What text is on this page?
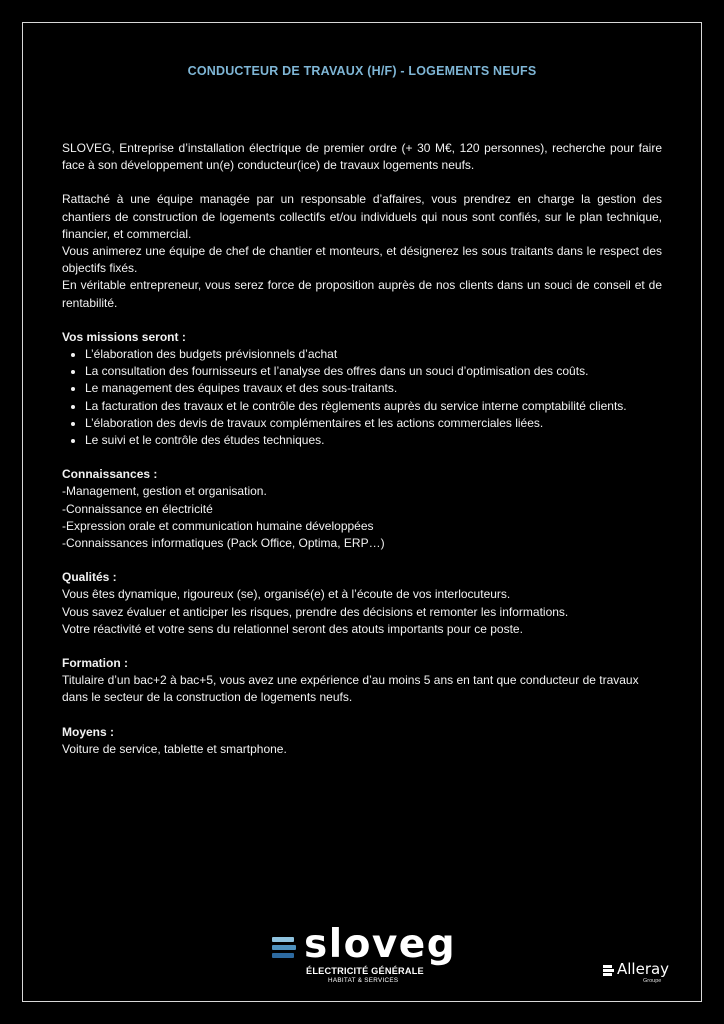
CONDUCTEUR DE TRAVAUX (H/F) - LOGEMENTS NEUFS

SLOVEG, Entreprise d’installation électrique de premier ordre (+ 30 M€, 120 personnes), recherche pour faire face à son développement un(e) conducteur(ice) de travaux logements neufs.

Rattaché à une équipe managée par un responsable d’affaires, vous prendrez en charge la gestion des chantiers de construction de logements collectifs et/ou individuels qui nous sont confiés, sur le plan technique, financier, et commercial.

Vous animerez une équipe de chef de chantier et monteurs, et désignerez les sous traitants dans le respect des objectifs fixés.

En véritable entrepreneur, vous serez force de proposition auprès de nos clients dans un souci de conseil et de rentabilité.

Vos missions seront :

L’élaboration des budgets prévisionnels d’achat
La consultation des fournisseurs et l’analyse des offres dans un souci d’optimisation des coûts.
Le management des équipes travaux et des sous-traitants.
La facturation des travaux et le contrôle des règlements auprès du service interne comptabilité clients.
L’élaboration des devis de travaux complémentaires et les actions commerciales liées.
Le suivi et le contrôle des études techniques.

Connaissances :

-Management, gestion et organisation.

-Connaissance en électricité

-Expression orale et communication humaine développées

-Connaissances informatiques (Pack Office, Optima, ERP…)

Qualités :

Vous êtes dynamique, rigoureux (se), organisé(e) et à l’écoute de vos interlocuteurs.

Vous savez évaluer et anticiper les risques, prendre des décisions et remonter les informations.

Votre réactivité et votre sens du relationnel seront des atouts importants pour ce poste.

Formation :

Titulaire d’un bac+2 à bac+5, vous avez une expérience d’au moins 5 ans en tant que conducteur de travaux dans le secteur de la construction de logements neufs.

Moyens :

Voiture de service, tablette et smartphone.

sloveg
ÉLECTRICITÉ GÉNÉRALE
HABITAT & SERVICES
Alleray
Groupe
